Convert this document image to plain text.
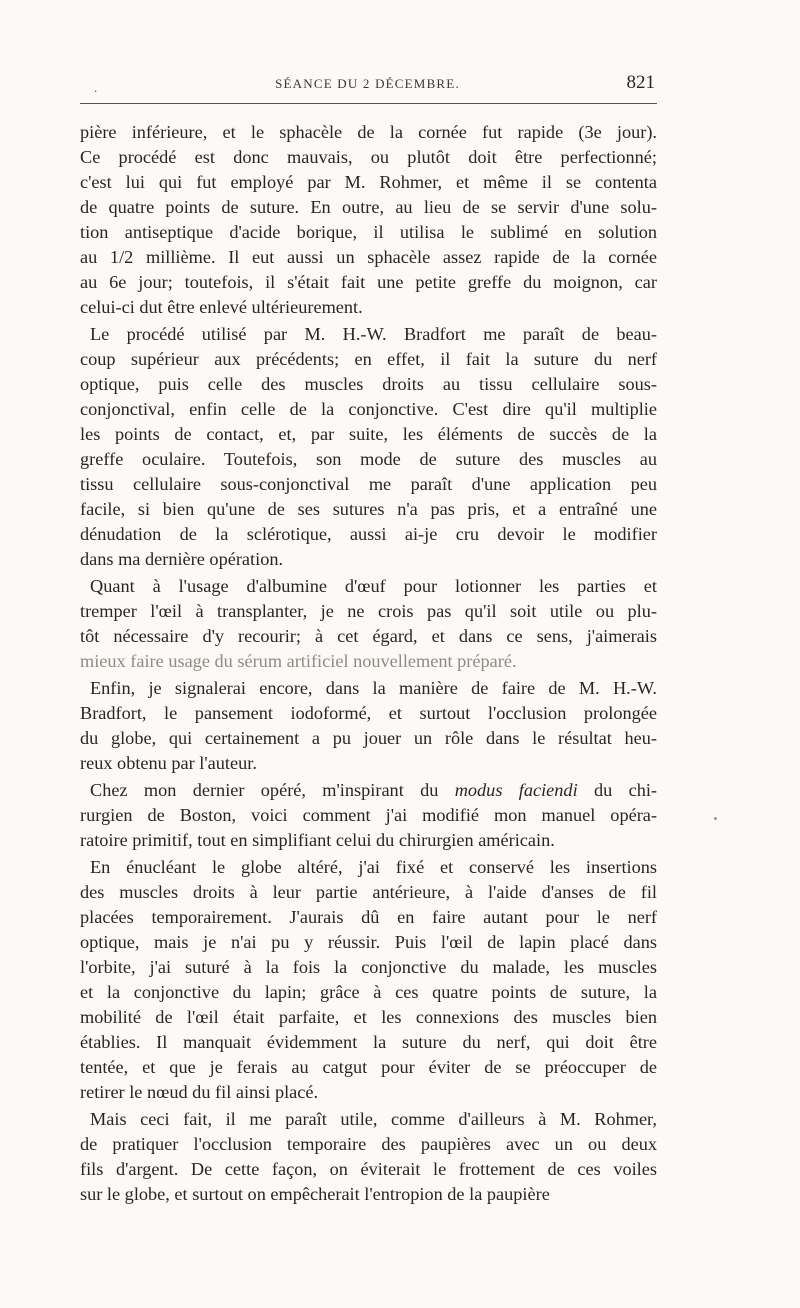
.	SÉANCE DU 2 DÉCEMBRE.	821
pière inférieure, et le sphacèle de la cornée fut rapide (3e jour).
Ce procédé est donc mauvais, ou plutôt doit être perfectionné;
c'est lui qui fut employé par M. Rohmer, et même il se contenta
de quatre points de suture. En outre, au lieu de se servir d'une solu-
tion antiseptique d'acide borique, il utilisa le sublimé en solution
au 1/2 millième. Il eut aussi un sphacèle assez rapide de la cornée
au 6e jour; toutefois, il s'était fait une petite greffe du moignon, car
celui-ci dut être enlevé ultérieurement.
Le procédé utilisé par M. H.-W. Bradfort me paraît de beau-
coup supérieur aux précédents; en effet, il fait la suture du nerf
optique, puis celle des muscles droits au tissu cellulaire sous-
conjonctival, enfin celle de la conjonctive. C'est dire qu'il multiplie
les points de contact, et, par suite, les éléments de succès de la
greffe oculaire. Toutefois, son mode de suture des muscles au
tissu cellulaire sous-conjonctival me paraît d'une application peu
facile, si bien qu'une de ses sutures n'a pas pris, et a entraîné une
dénudation de la sclérotique, aussi ai-je cru devoir le modifier
dans ma dernière opération.
Quant à l'usage d'albumine d'œuf pour lotionner les parties et
tremper l'œil à transplanter, je ne crois pas qu'il soit utile ou plu-
tôt nécessaire d'y recourir; à cet égard, et dans ce sens, j'aimerais
mieux faire usage du sérum artificiel nouvellement préparé.
Enfin, je signalerai encore, dans la manière de faire de M. H.-W.
Bradfort, le pansement iodoformé, et surtout l'occlusion prolongée
du globe, qui certainement a pu jouer un rôle dans le résultat heu-
reux obtenu par l'auteur.
Chez mon dernier opéré, m'inspirant du modus faciendi du chi-
rurgien de Boston, voici comment j'ai modifié mon manuel opéra-
ratoire primitif, tout en simplifiant celui du chirurgien américain.
En énucléant le globe altéré, j'ai fixé et conservé les insertions
des muscles droits à leur partie antérieure, à l'aide d'anses de fil
placées temporairement. J'aurais dû en faire autant pour le nerf
optique, mais je n'ai pu y réussir. Puis l'œil de lapin placé dans
l'orbite, j'ai suturé à la fois la conjonctive du malade, les muscles
et la conjonctive du lapin; grâce à ces quatre points de suture, la
mobilité de l'œil était parfaite, et les connexions des muscles bien
établies. Il manquait évidemment la suture du nerf, qui doit être
tentée, et que je ferais au catgut pour éviter de se préoccuper de
retirer le nœud du fil ainsi placé.
Mais ceci fait, il me paraît utile, comme d'ailleurs à M. Rohmer,
de pratiquer l'occlusion temporaire des paupières avec un ou deux
fils d'argent. De cette façon, on éviterait le frottement de ces voiles
sur le globe, et surtout on empêcherait l'entropion de la paupière
